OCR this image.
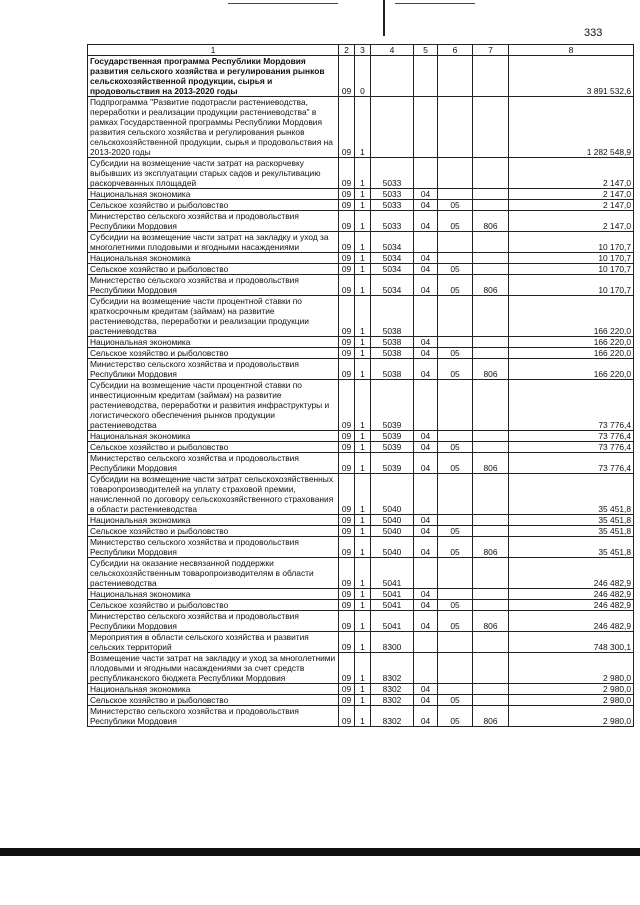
333
1	2	3	4	5	6	7	8
Государственная программа Республики Мордовия развития сельского хозяйства и регулирования рынков сельскохозяйственной продукции, сырья и продовольствия на 2013-2020 годы	09	0					3 891 532,6
Подпрограмма "Развитие подотрасли растениеводства, переработки и реализации продукции растениеводства" в рамках Государственной программы Республики Мордовия развития сельского хозяйства и регулирования рынков сельскохозяйственной продукции, сырья и продовольствия на 2013-2020 годы	09	1					1 282 548,9
Субсидии на возмещение части затрат на раскорчевку выбывших из эксплуатации старых садов и рекультивацию раскорчеванных площадей	09	1	5033				2 147,0
Национальная экономика	09	1	5033	04			2 147,0
Сельское хозяйство и рыболовство	09	1	5033	04	05		2 147,0
Министерство сельского хозяйства и продовольствия Республики Мордовия	09	1	5033	04	05	806	2 147,0
Субсидии на возмещение части затрат на закладку и уход за многолетними плодовыми и ягодными насаждениями	09	1	5034				10 170,7
Национальная экономика	09	1	5034	04			10 170,7
Сельское хозяйство и рыболовство	09	1	5034	04	05		10 170,7
Министерство сельского хозяйства и продовольствия Республики Мордовия	09	1	5034	04	05	806	10 170,7
Субсидии на возмещение части процентной ставки по краткосрочным кредитам (займам) на развитие растениеводства, переработки и реализации продукции растениеводства	09	1	5038				166 220,0
Национальная экономика	09	1	5038	04			166 220,0
Сельское хозяйство и рыболовство	09	1	5038	04	05		166 220,0
Министерство сельского хозяйства и продовольствия Республики Мордовия	09	1	5038	04	05	806	166 220,0
Субсидии на возмещение части процентной ставки по инвестиционным кредитам (займам) на развитие растениеводства, переработки и развития инфраструктуры и логистического обеспечения рынков продукции растениеводства	09	1	5039				73 776,4
Национальная экономика	09	1	5039	04			73 776,4
Сельское хозяйство и рыболовство	09	1	5039	04	05		73 776,4
Министерство сельского хозяйства и продовольствия Республики Мордовия	09	1	5039	04	05	806	73 776,4
Субсидии на возмещение части затрат сельскохозяйственных товаропроизводителей на уплату страховой премии, начисленной по договору сельскохозяйственного страхования в области растениеводства	09	1	5040				35 451,8
Национальная экономика	09	1	5040	04			35 451,8
Сельское хозяйство и рыболовство	09	1	5040	04	05		35 451,8
Министерство сельского хозяйства и продовольствия Республики Мордовия	09	1	5040	04	05	806	35 451,8
Субсидии на оказание несвязанной поддержки сельскохозяйственным товаропроизводителям в области растениеводства	09	1	5041				246 482,9
Национальная экономика	09	1	5041	04			246 482,9
Сельское хозяйство и рыболовство	09	1	5041	04	05		246 482,9
Министерство сельского хозяйства и продовольствия Республики Мордовия	09	1	5041	04	05	806	246 482,9
Мероприятия в области сельского хозяйства и развития сельских территорий	09	1	8300				748 300,1
Возмещение части затрат на закладку и уход за многолетними плодовыми и ягодными насаждениями за счет средств республиканского бюджета Республики Мордовия	09	1	8302				2 980,0
Национальная экономика	09	1	8302	04			2 980,0
Сельское хозяйство и рыболовство	09	1	8302	04	05		2 980,0
Министерство сельского хозяйства и продовольствия Республики Мордовия	09	1	8302	04	05	806	2 980,0
